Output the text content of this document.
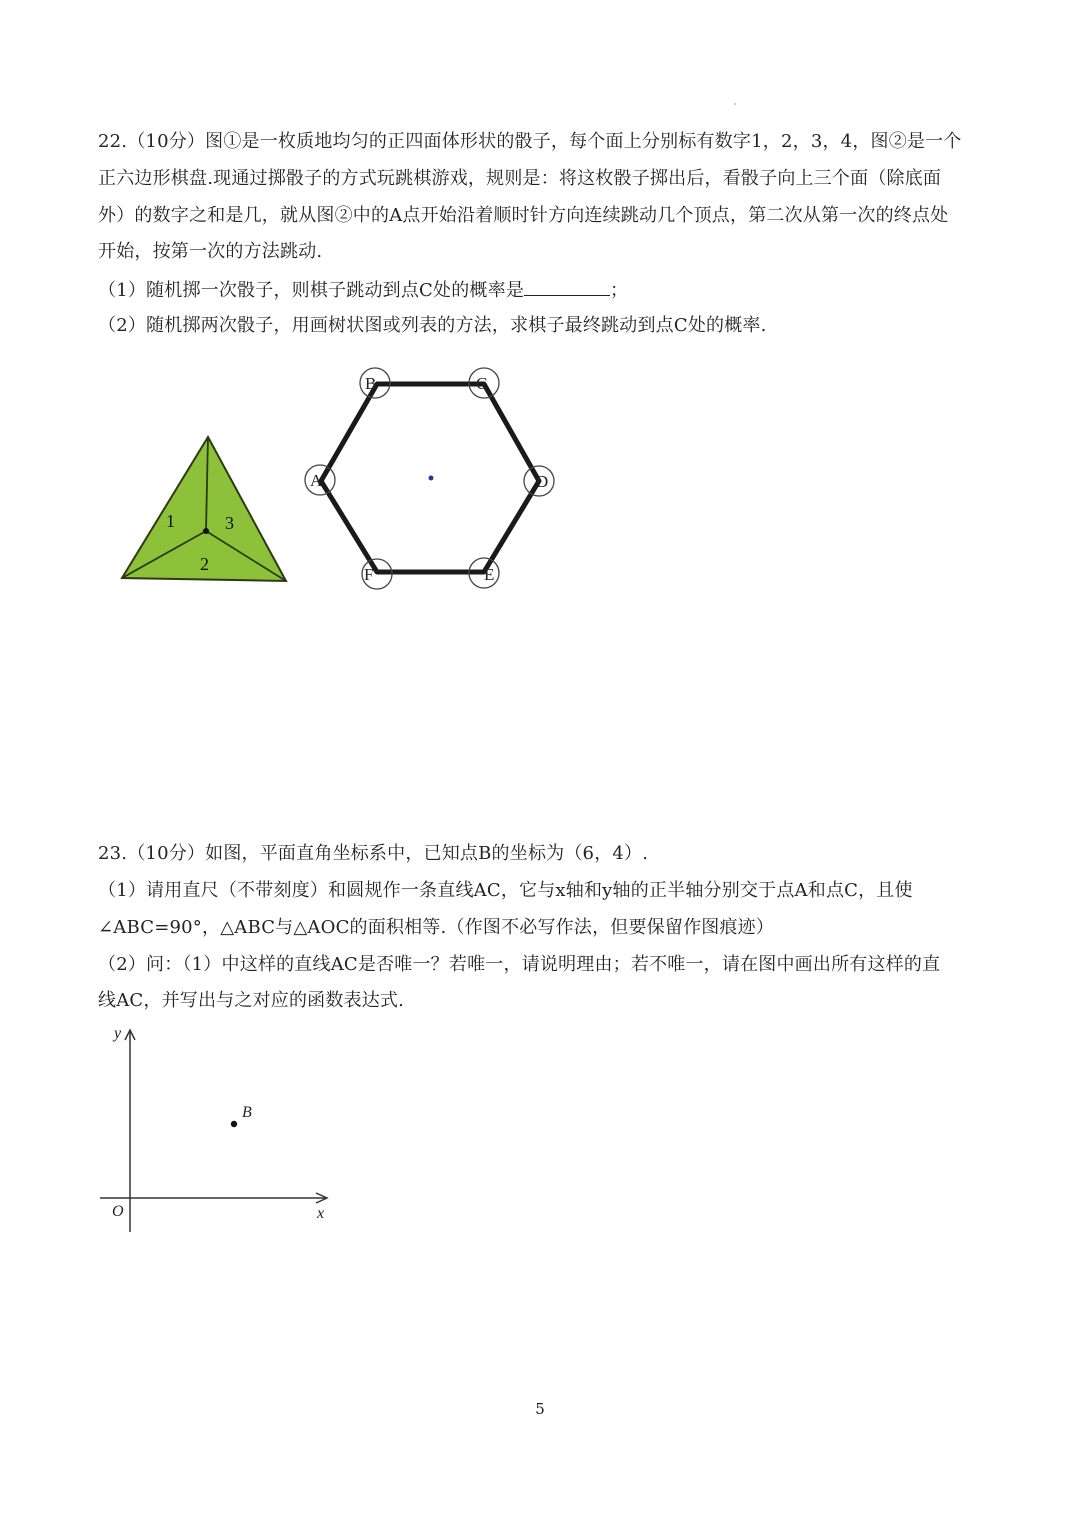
22.（10分）图①是一枚质地均匀的正四面体形状的骰子，每个面上分别标有数字1，2，3，4，图②是一个
正六边形棋盘.现通过掷骰子的方式玩跳棋游戏，规则是：将这枚骰子掷出后，看骰子向上三个面（除底面
外）的数字之和是几，就从图②中的A点开始沿着顺时针方向连续跳动几个顶点，第二次从第一次的终点处
开始，按第一次的方法跳动.
（1）随机掷一次骰子，则棋子跳动到点C处的概率是	；
（2）随机掷两次骰子，用画树状图或列表的方法，求棋子最终跳动到点C处的概率.
1	3
2
B	C
A	D
F	E
23.（10分）如图，平面直角坐标系中，已知点B的坐标为（6，4）.
（1）请用直尺（不带刻度）和圆规作一条直线AC，它与x轴和y轴的正半轴分别交于点A和点C，且使
∠ABC=90°，△ABC与△AOC的面积相等.（作图不必写作法，但要保留作图痕迹）
（2）问：（1）中这样的直线AC是否唯一？若唯一，请说明理由；若不唯一，请在图中画出所有这样的直
线AC，并写出与之对应的函数表达式.
y
x
O
B
5
